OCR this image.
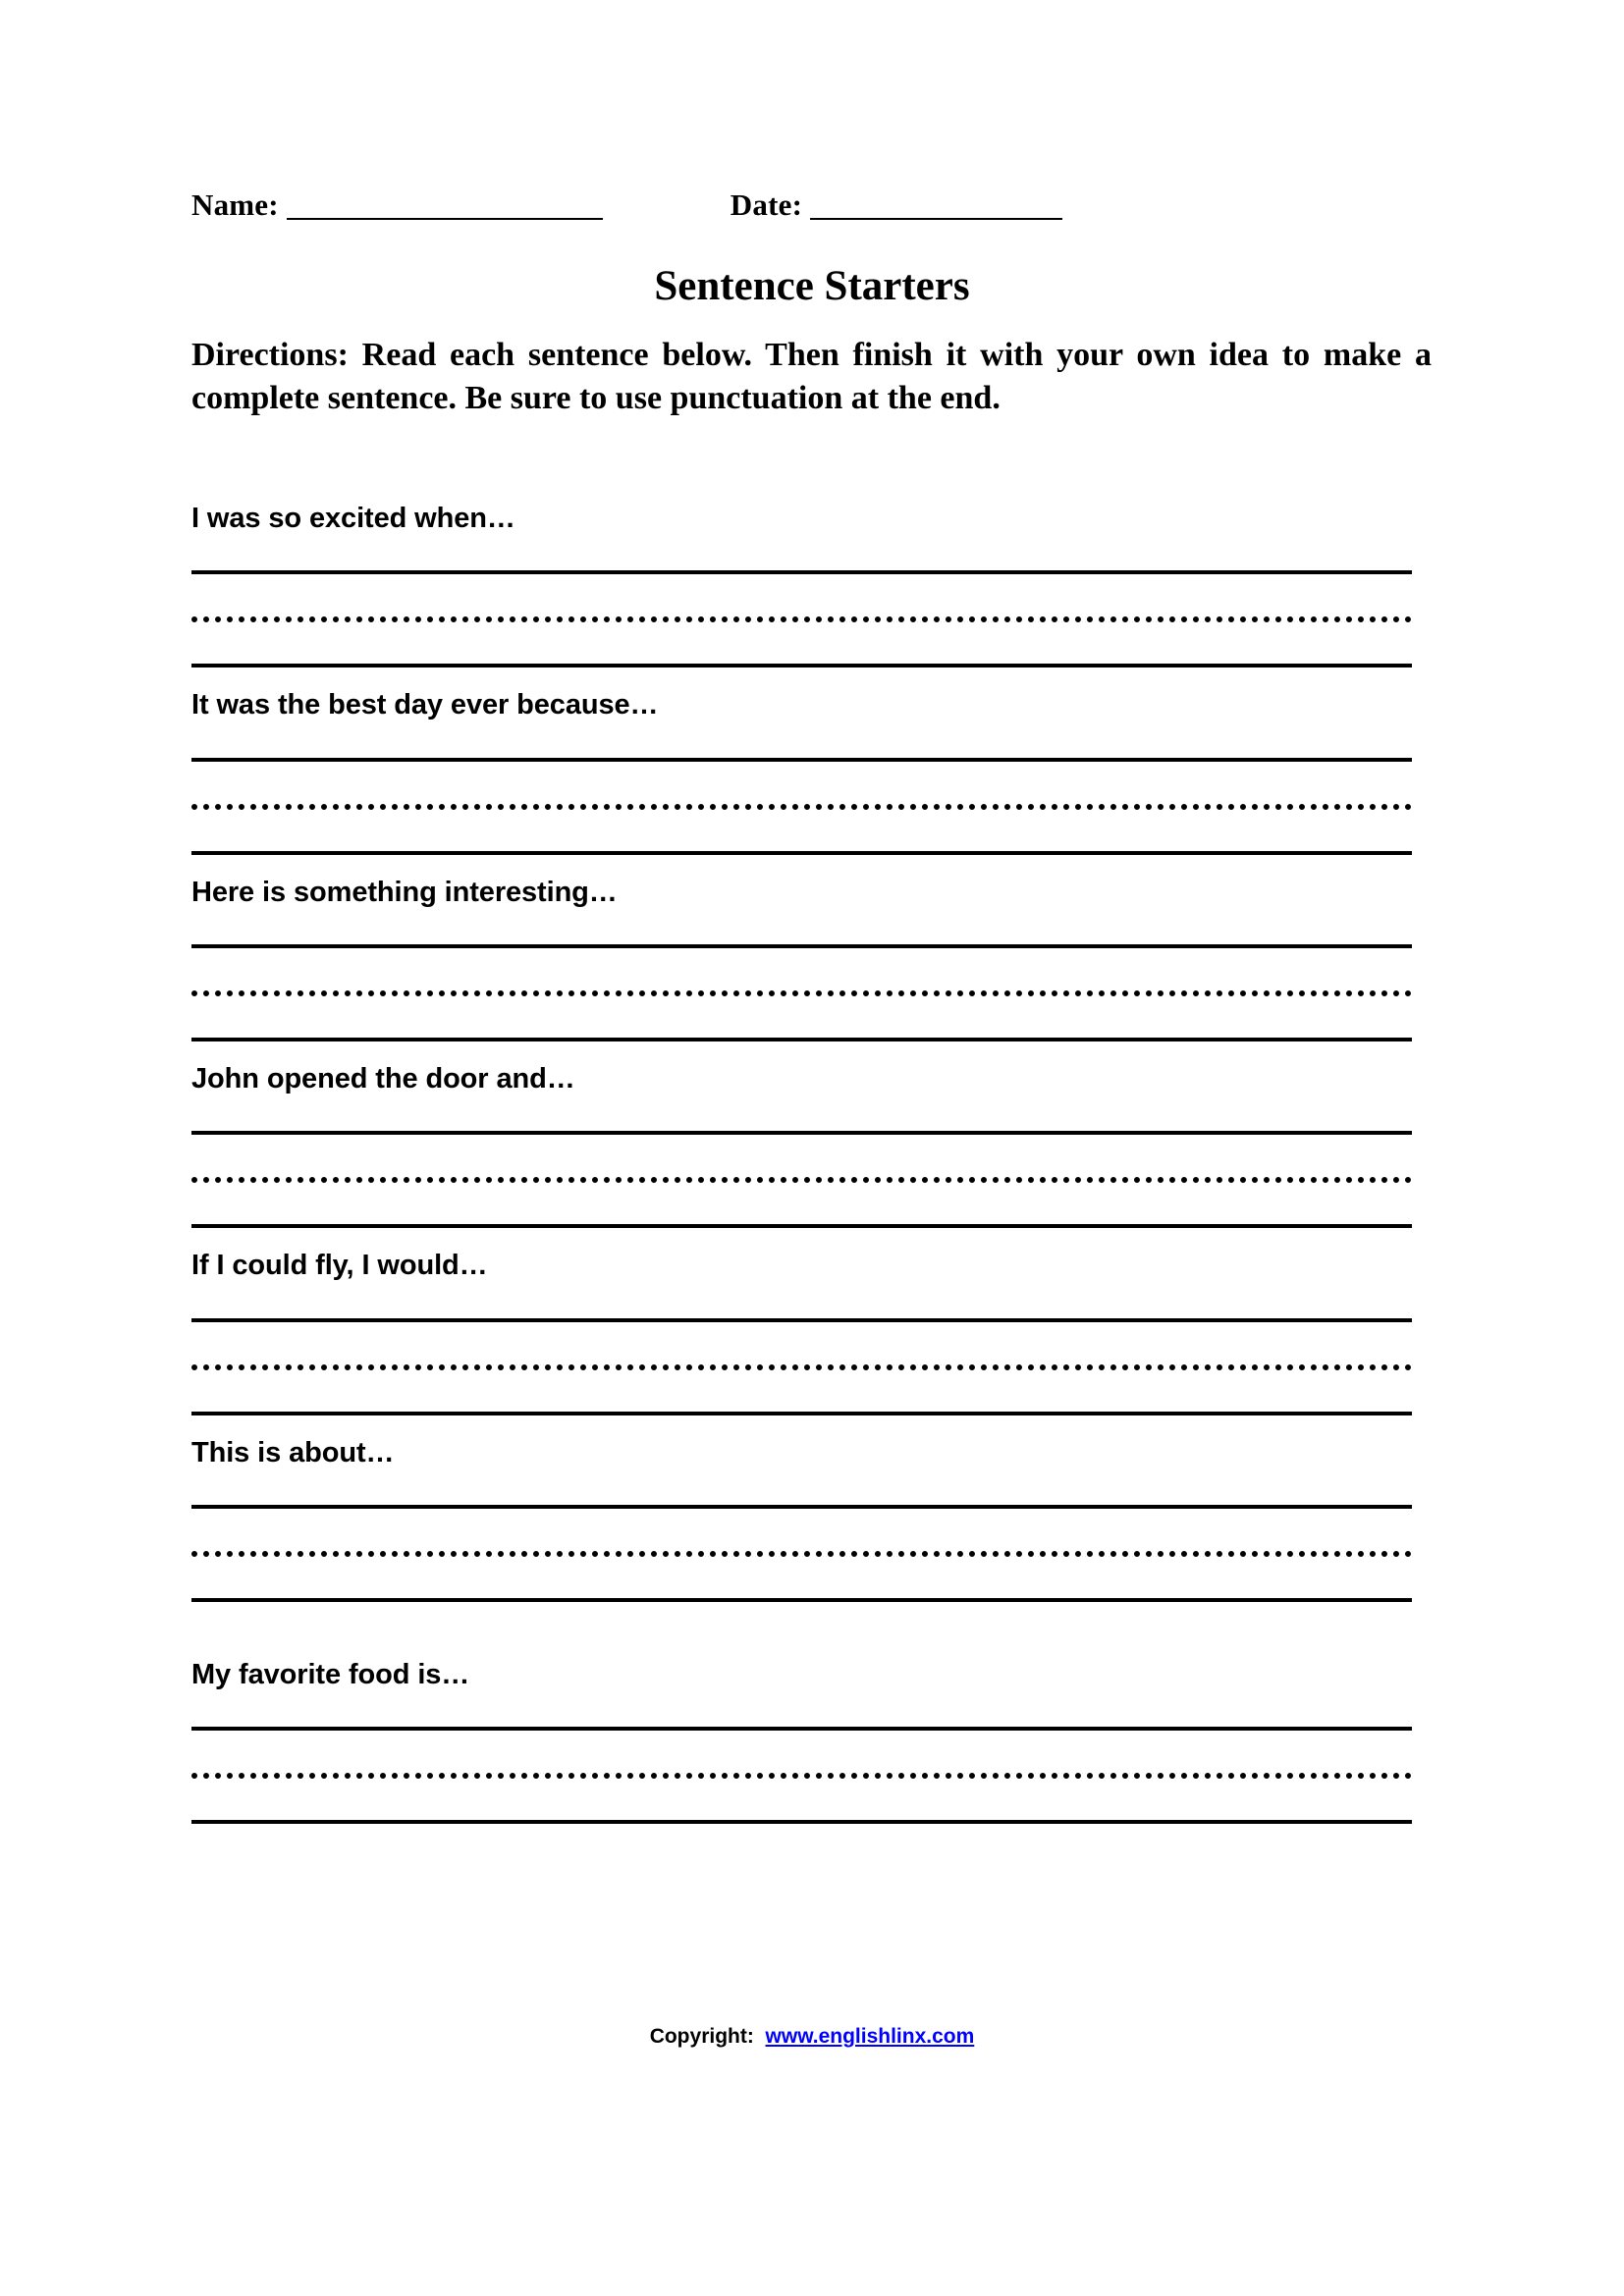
Name:	Date:
Sentence Starters
Directions: Read each sentence below. Then finish it with your own idea to make a complete sentence. Be sure to use punctuation at the end.
I was so excited when…
It was the best day ever because…
Here is something interesting…
John opened the door and…
If I could fly, I would…
This is about…
My favorite food is…
Copyright: www.englishlinx.com
